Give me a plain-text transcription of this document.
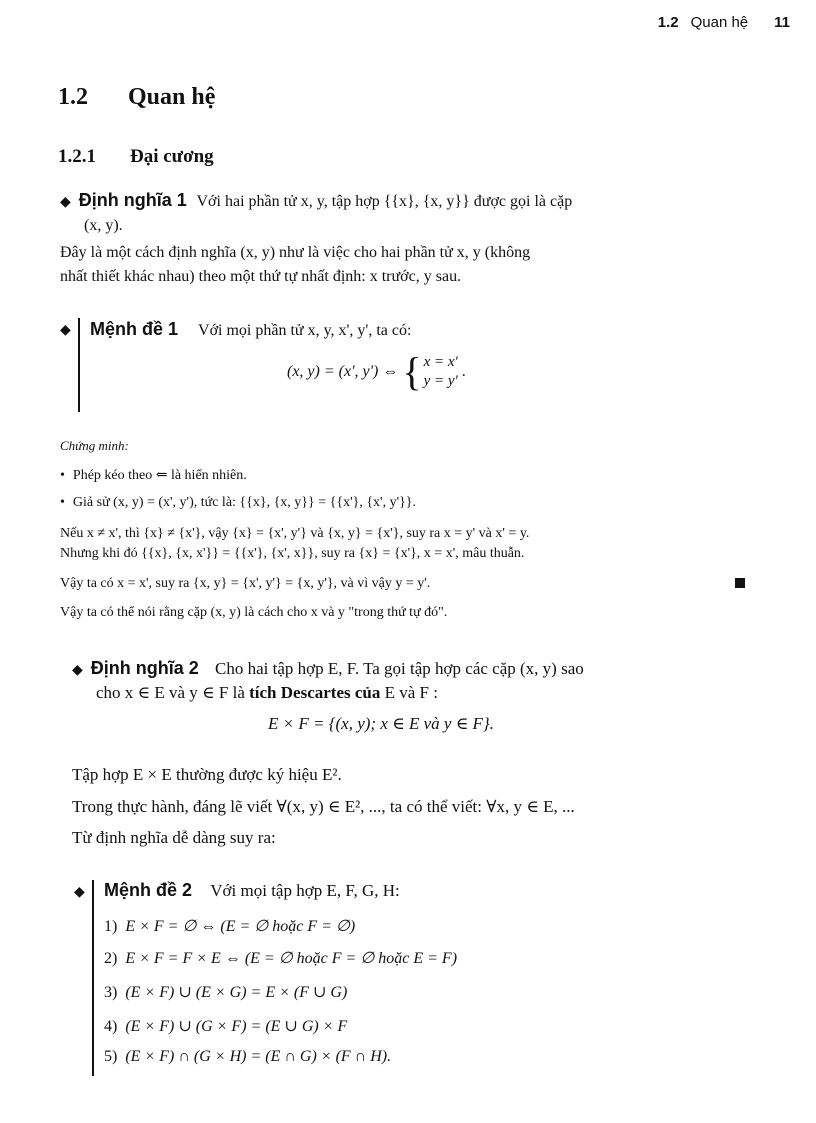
1.2 Quan hệ 11
1.2 Quan hệ
1.2.1 Đại cương
◆ Định nghĩa 1 Với hai phần tử x, y, tập hợp {{x}, {x, y}} được gọi là cặp
(x, y).
Đây là một cách định nghĩa (x, y) như là việc cho hai phần tử x, y (không
nhất thiết khác nhau) theo một thứ tự nhất định: x trước, y sau.
◆ Mệnh đề 1 Với mọi phần tử x, y, x', y', ta có:
(x, y) = (x', y') ⇔ { x = x'
y = y'
.
Chứng minh:
• Phép kéo theo ⇐ là hiển nhiên.
• Giả sử (x, y) = (x', y'), tức là: {{x}, {x, y}} = {{x'}, {x', y'}}.
Nếu x ≠ x', thì {x} ≠ {x'}, vậy {x} = {x', y'} và {x, y} = {x'}, suy ra x = y' và x' = y.
Nhưng khi đó {{x}, {x, x'}} = {{x'}, {x', x}}, suy ra {x} = {x'}, x = x', mâu thuẫn.
Vậy ta có x = x', suy ra {x, y} = {x', y'} = {x, y'}, và vì vậy y = y'.
Vậy ta có thể nói rằng cặp (x, y) là cách cho x và y "trong thứ tự đó".
◆ Định nghĩa 2 Cho hai tập hợp E, F. Ta gọi tập hợp các cặp (x, y) sao
cho x ∈ E và y ∈ F là tích Descartes của E và F :
E × F = {(x, y); x ∈ E và y ∈ F}.
Tập hợp E × E thường được ký hiệu E².
Trong thực hành, đáng lẽ viết ∀(x, y) ∈ E², ..., ta có thể viết: ∀x, y ∈ E, ...
Từ định nghĩa dễ dàng suy ra:
◆ Mệnh đề 2 Với mọi tập hợp E, F, G, H:
1) E × F = ∅ ⇔ (E = ∅ hoặc F = ∅)
2) E × F = F × E ⇔ (E = ∅ hoặc F = ∅ hoặc E = F)
3) (E × F) ∪ (E × G) = E × (F ∪ G)
4) (E × F) ∪ (G × F) = (E ∪ G) × F
5) (E × F) ∩ (G × H) = (E ∩ G) × (F ∩ H).
